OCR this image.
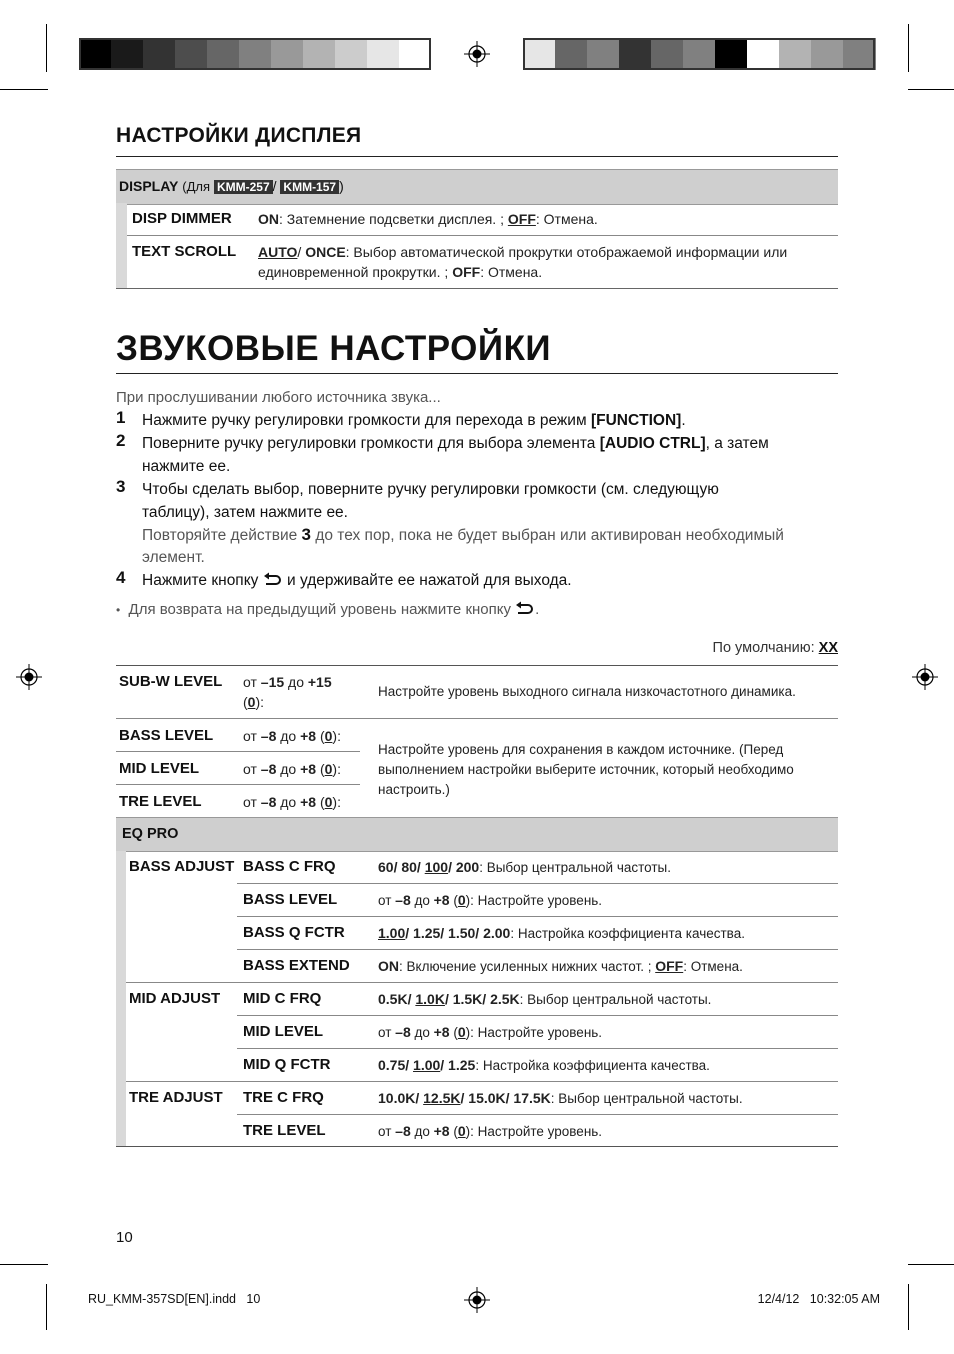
НАСТРОЙКИ ДИСПЛЕЯ
DISPLAY (Для KMM-257 / KMM-157 )
DISP DIMMER ON: Затемнение подсветки дисплея. ; OFF: Отмена.
TEXT SCROLL AUTO/ ONCE: Выбор автоматической прокрутки отображаемой информации или
единовременной прокрутки. ; OFF: Отмена.
ЗВУКОВЫЕ НАСТРОЙКИ
При прослушивании любого источника звука...
1 Нажмите ручку регулировки громкости для перехода в режим [FUNCTION].
2 Поверните ручку регулировки громкости для выбора элемента [AUDIO CTRL], а затем
нажмите ее.
3 Чтобы сделать выбор, поверните ручку регулировки громкости (см. следующую
таблицу), затем нажмите ее.
Повторяйте действие 3 до тех пор, пока не будет выбран или активирован необходимый
элемент.
4 Нажмите кнопку  и удерживайте ее нажатой для выхода.
• Для возврата на предыдущий уровень нажмите кнопку .
По умолчанию: XX
SUB-W LEVEL от –15 до +15
(0):
Настройте уровень выходного сигнала низкочастотного динамика.
BASS LEVEL от –8 до +8 (0):
MID LEVEL	от –8 до +8 (0):
TRE LEVEL	от –8 до +8 (0):
Настройте уровень для сохранения в каждом источнике. (Перед
выполнением настройки выберите источник, который необходимо
настроить.)
EQ PRO
BASS ADJUST BASS C FRQ	60/ 80/ 100/ 200: Выбор центральной частоты.
BASS LEVEL	от –8 до +8 (0): Настройте уровень.
BASS Q FCTR 1.00/ 1.25/ 1.50/ 2.00: Настройка коэффициента качества.
BASS EXTEND ON: Включение усиленных нижних частот. ; OFF: Отмена.
MID ADJUST MID C FRQ	0.5K/ 1.0K/ 1.5K/ 2.5K: Выбор центральной частоты.
MID LEVEL	от –8 до +8 (0): Настройте уровень.
MID Q FCTR	0.75/ 1.00/ 1.25: Настройка коэффициента качества.
TRE ADJUST TRE C FRQ	10.0K/ 12.5K/ 15.0K/ 17.5K: Выбор центральной частоты.
TRE LEVEL	от –8 до +8 (0): Настройте уровень.
10
RU_KMM-357SD[EN].indd   10	12/4/12   10:32:05 AM
